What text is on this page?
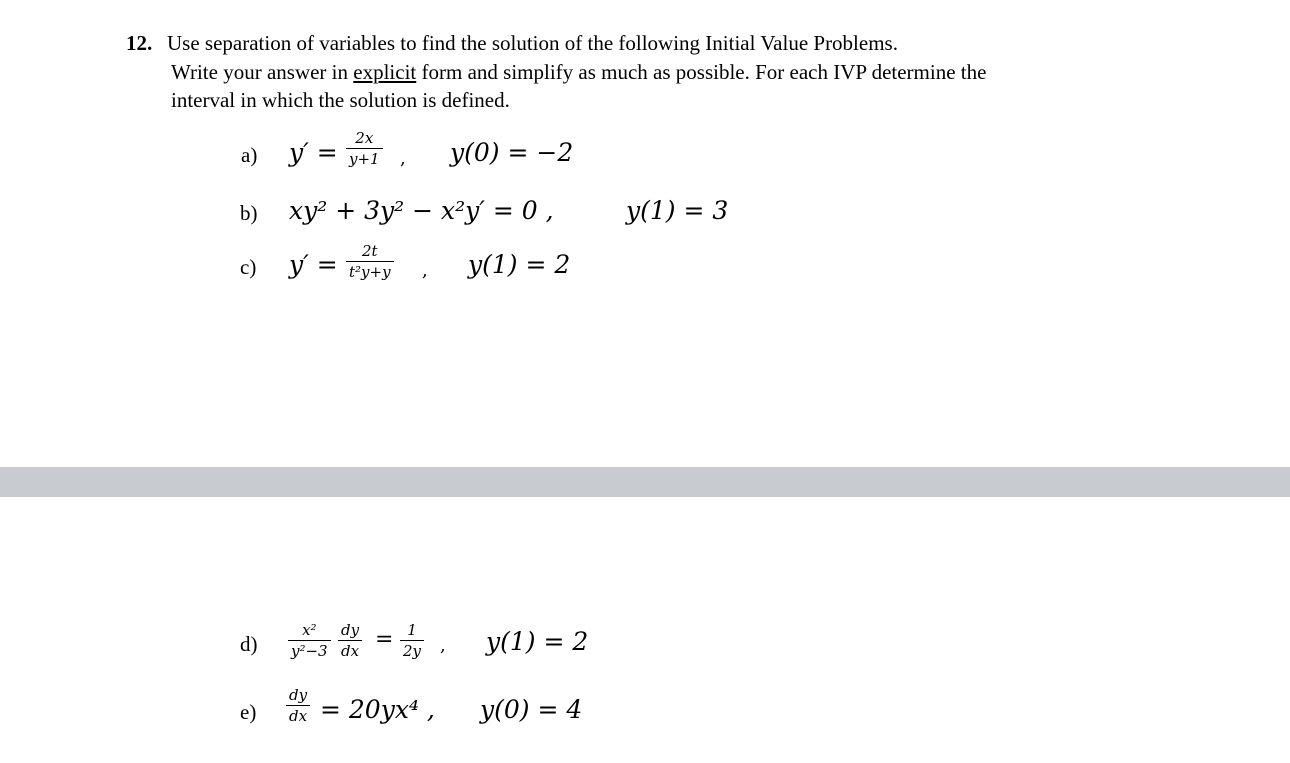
12. Use separation of variables to find the solution of the following Initial Value Problems.
Write your answer in explicit form and simplify as much as possible. For each IVP determine the
interval in which the solution is defined.
a) y′ = 2x
y+1 , y(0) = −2
b) xy² + 3y² − x²y′ = 0 ,	y(1) = 3
c) y′ = 2t
t²y+y , y(1) = 2
d)
x²
y²−3
dy
dx = 1
2y , y(1) = 2
e)
dy
dx = 20yx⁴ , y(0) = 4
